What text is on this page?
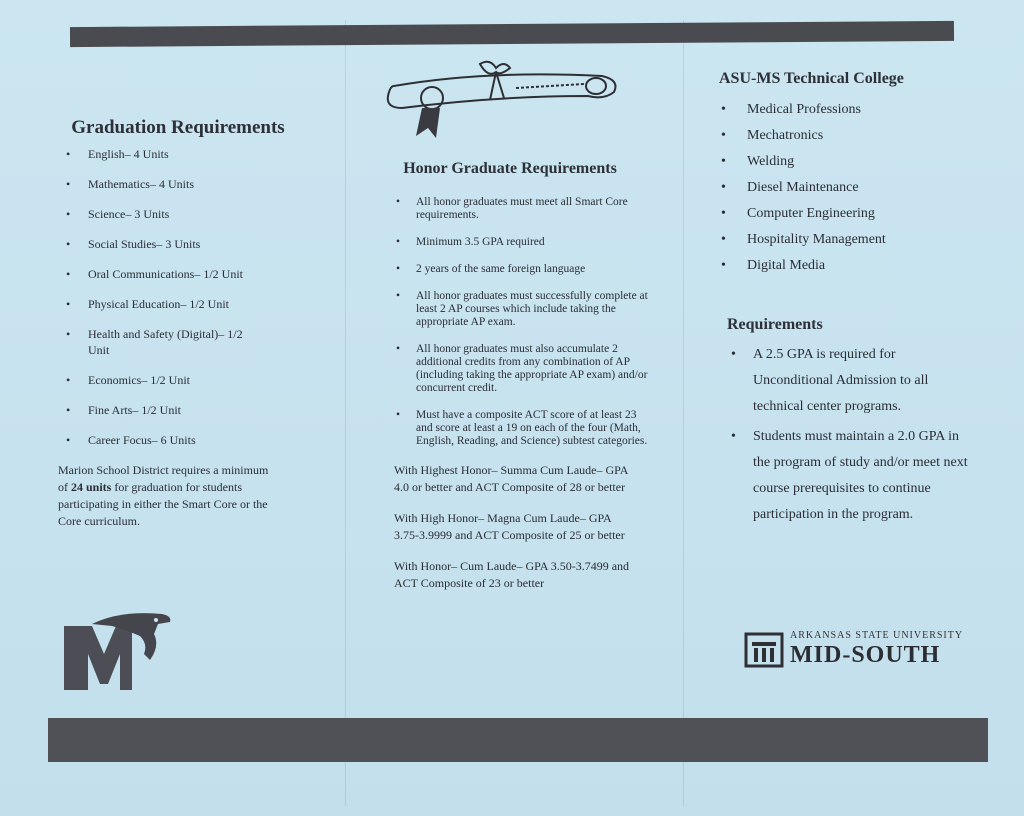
Graduation Requirements
• English– 4 Units
• Mathematics– 4 Units
• Science– 3 Units
• Social Studies– 3 Units
• Oral Communications– 1/2 Unit
• Physical Education– 1/2 Unit
• Health and Safety (Digital)– 1/2 Unit
• Economics– 1/2 Unit
• Fine Arts– 1/2 Unit
• Career Focus– 6 Units
Marion School District requires a minimum of 24 units for graduation for students participating in either the Smart Core or the Core curriculum.
Honor Graduate Requirements
• All honor graduates must meet all Smart Core requirements.
• Minimum 3.5 GPA required
• 2 years of the same foreign language
• All honor graduates must successfully complete at least 2 AP courses which include taking the appropriate AP exam.
• All honor graduates must also accumulate 2 additional credits from any combination of AP (including taking the appropriate AP exam) and/or concurrent credit.
• Must have a composite ACT score of at least 23 and score at least a 19 on each of the four (Math, English, Reading, and Science) subtest categories.
With Highest Honor– Summa Cum Laude– GPA 4.0 or better and ACT Composite of 28 or better
With High Honor– Magna Cum Laude– GPA 3.75-3.9999 and ACT Composite of 25 or better
With Honor– Cum Laude– GPA 3.50-3.7499 and ACT Composite of 23 or better
ASU-MS Technical College
• Medical Professions
• Mechatronics
• Welding
• Diesel Maintenance
• Computer Engineering
• Hospitality Management
• Digital Media
Requirements
• A 2.5 GPA is required for Unconditional Admission to all technical center programs.
• Students must maintain a 2.0 GPA in the program of study and/or meet next course prerequisites to continue participation in the program.
ARKANSAS STATE UNIVERSITY
MID-SOUTH
